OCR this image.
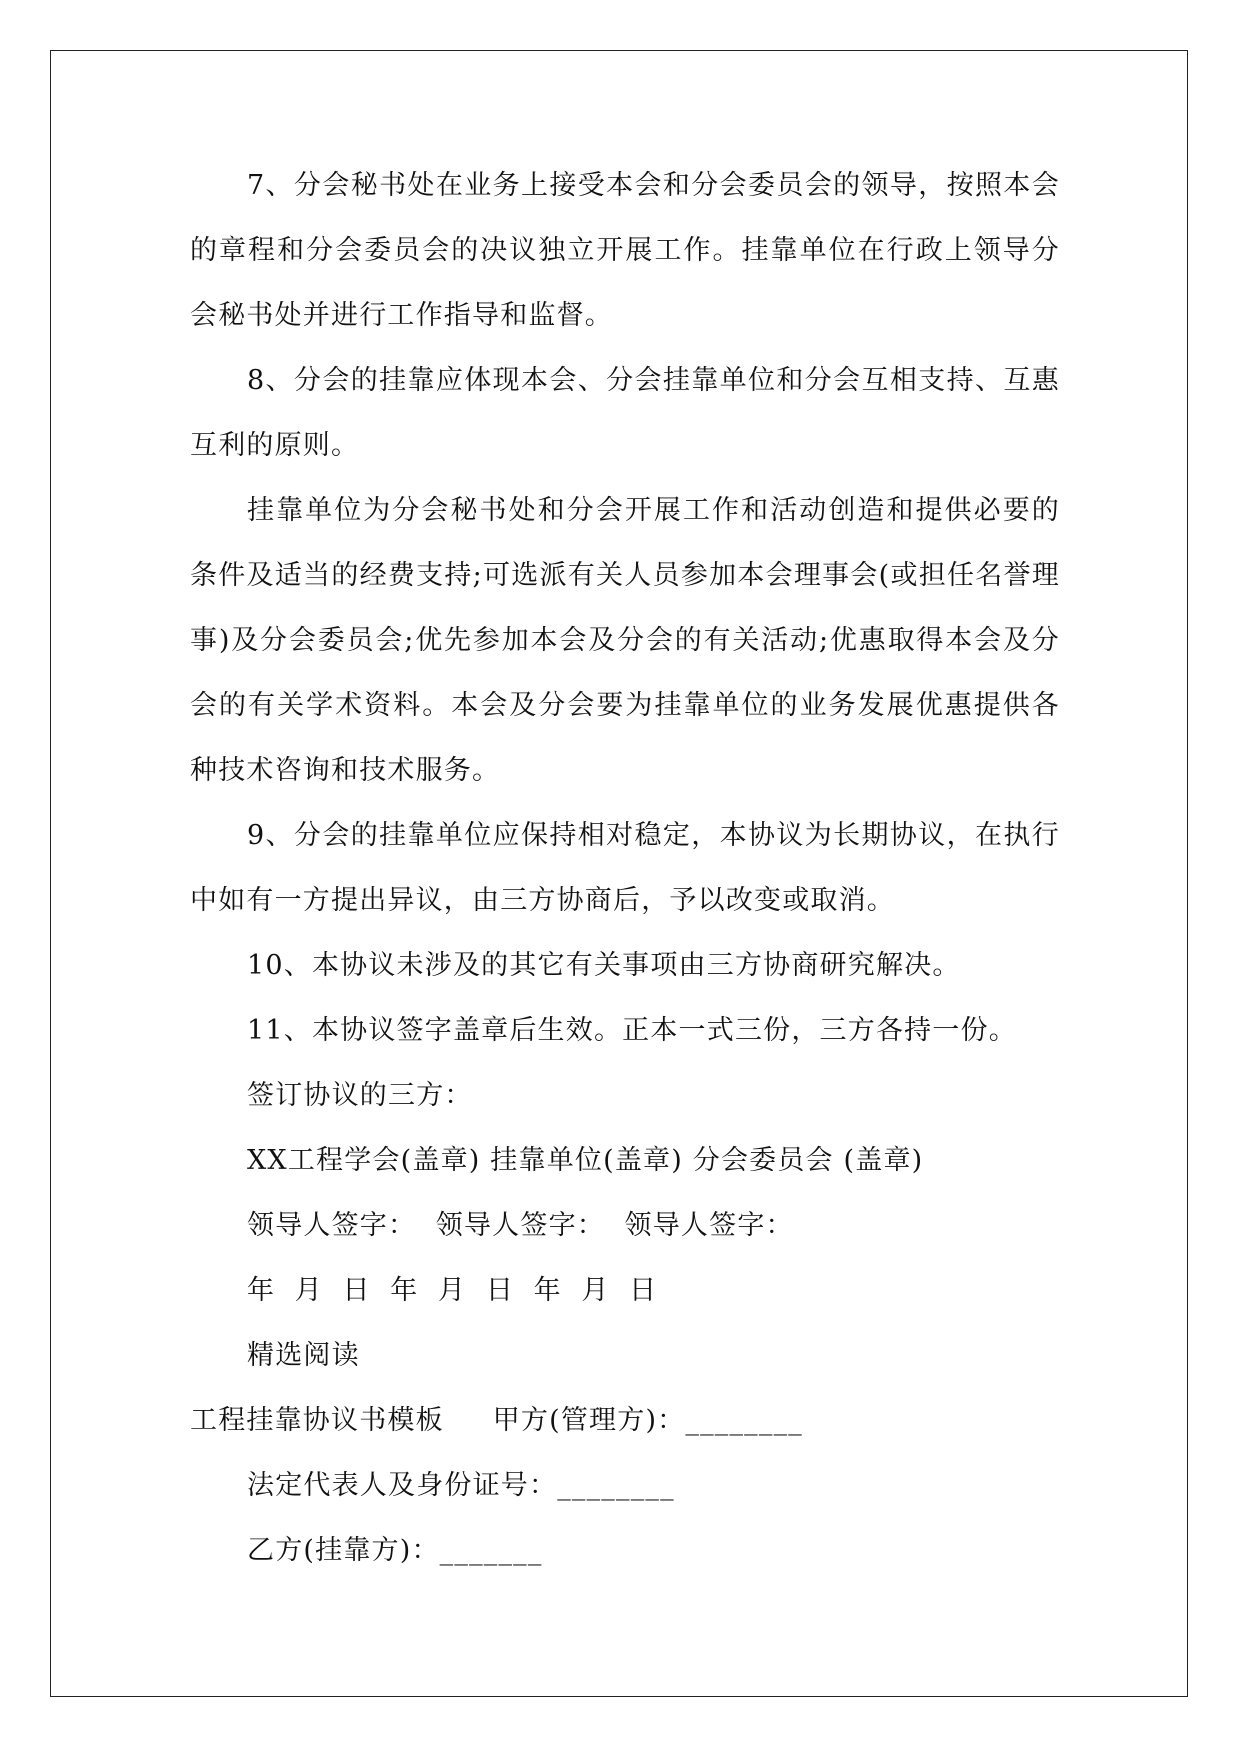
7、分会秘书处在业务上接受本会和分会委员会的领导，按照本会的章程和分会委员会的决议独立开展工作。挂靠单位在行政上领导分会秘书处并进行工作指导和监督。

8、分会的挂靠应体现本会、分会挂靠单位和分会互相支持、互惠互利的原则。

挂靠单位为分会秘书处和分会开展工作和活动创造和提供必要的条件及适当的经费支持;可选派有关人员参加本会理事会(或担任名誉理事)及分会委员会;优先参加本会及分会的有关活动;优惠取得本会及分会的有关学术资料。本会及分会要为挂靠单位的业务发展优惠提供各种技术咨询和技术服务。

9、分会的挂靠单位应保持相对稳定，本协议为长期协议，在执行中如有一方提出异议，由三方协商后，予以改变或取消。

10、本协议未涉及的其它有关事项由三方协商研究解决。

11、本协议签字盖章后生效。正本一式三份，三方各持一份。

签订协议的三方：

XX工程学会(盖章) 挂靠单位(盖章) 分会委员会 (盖章)

领导人签字：  领导人签字：  领导人签字：

年  月  日  年  月  日  年  月  日

精选阅读

工程挂靠协议书模板     甲方(管理方)：________

法定代表人及身份证号：________

乙方(挂靠方)：_______
